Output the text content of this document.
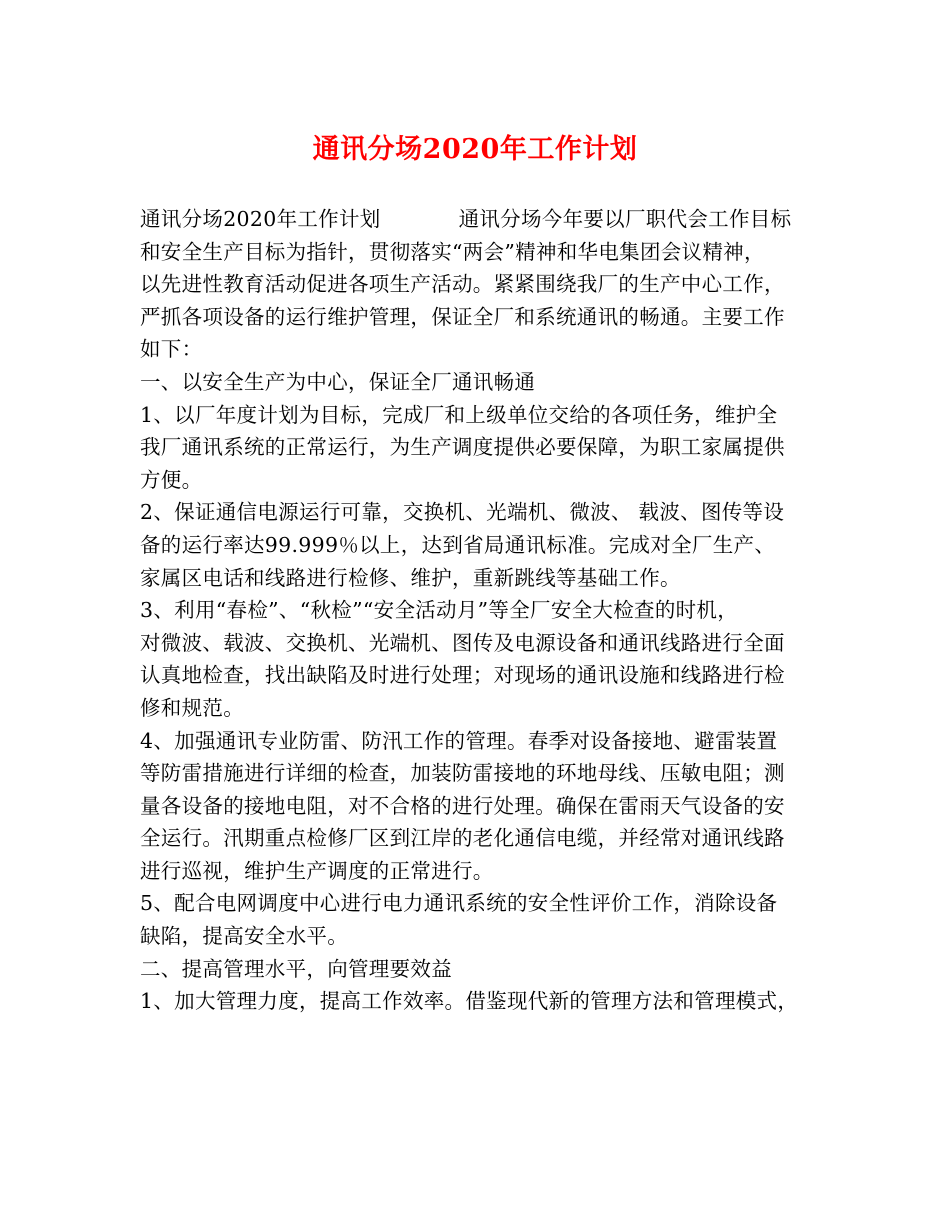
通讯分场2020年工作计划
通讯分场2020年工作计划	通讯分场今年要以厂职代会工作目标
和安全生产目标为指针，贯彻落实“两会”精神和华电集团会议精神，
以先进性教育活动促进各项生产活动。紧紧围绕我厂的生产中心工作，
严抓各项设备的运行维护管理，保证全厂和系统通讯的畅通。主要工作
如下：
一、以安全生产为中心，保证全厂通讯畅通
1、以厂年度计划为目标，完成厂和上级单位交给的各项任务，维护全
我厂通讯系统的正常运行，为生产调度提供必要保障，为职工家属提供
方便。
2、保证通信电源运行可靠，交换机、光端机、微波、 载波、图传等设
备的运行率达99.999％以上，达到省局通讯标准。完成对全厂生产、
家属区电话和线路进行检修、维护，重新跳线等基础工作。
3、利用“春检”、“秋检”“安全活动月”等全厂安全大检查的时机，
对微波、载波、交换机、光端机、图传及电源设备和通讯线路进行全面
认真地检查，找出缺陷及时进行处理；对现场的通讯设施和线路进行检
修和规范。
4、加强通讯专业防雷、防汛工作的管理。春季对设备接地、避雷装置
等防雷措施进行详细的检查，加装防雷接地的环地母线、压敏电阻；测
量各设备的接地电阻，对不合格的进行处理。确保在雷雨天气设备的安
全运行。汛期重点检修厂区到江岸的老化通信电缆，并经常对通讯线路
进行巡视，维护生产调度的正常进行。
5、配合电网调度中心进行电力通讯系统的安全性评价工作，消除设备
缺陷，提高安全水平。
二、提高管理水平，向管理要效益
1、加大管理力度，提高工作效率。借鉴现代新的管理方法和管理模式，
